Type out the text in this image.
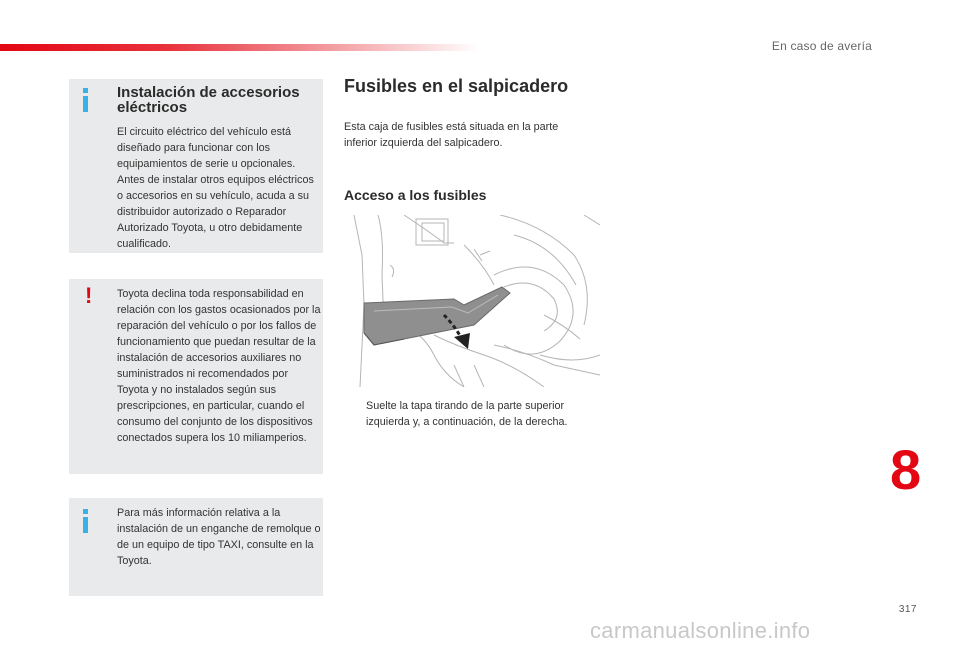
En caso de avería
Instalación de accesorios eléctricos
El circuito eléctrico del vehículo está diseñado para funcionar con los equipamientos de serie u opcionales. Antes de instalar otros equipos eléctricos o accesorios en su vehículo, acuda a su distribuidor autorizado o Reparador Autorizado Toyota, u otro debidamente cualificado.
! Toyota declina toda responsabilidad en relación con los gastos ocasionados por la reparación del vehículo o por los fallos de funcionamiento que puedan resultar de la instalación de accesorios auxiliares no suministrados ni recomendados por Toyota y no instalados según sus prescripciones, en particular, cuando el consumo del conjunto de los dispositivos conectados supera los 10 miliamperios.
Para más información relativa a la instalación de un enganche de remolque o de un equipo de tipo TAXI, consulte en la Toyota.
Fusibles en el salpicadero
Esta caja de fusibles está situada en la parte inferior izquierda del salpicadero.
Acceso a los fusibles
Suelte la tapa tirando de la parte superior izquierda y, a continuación, de la derecha.
8
317
carmanualsonline.info
